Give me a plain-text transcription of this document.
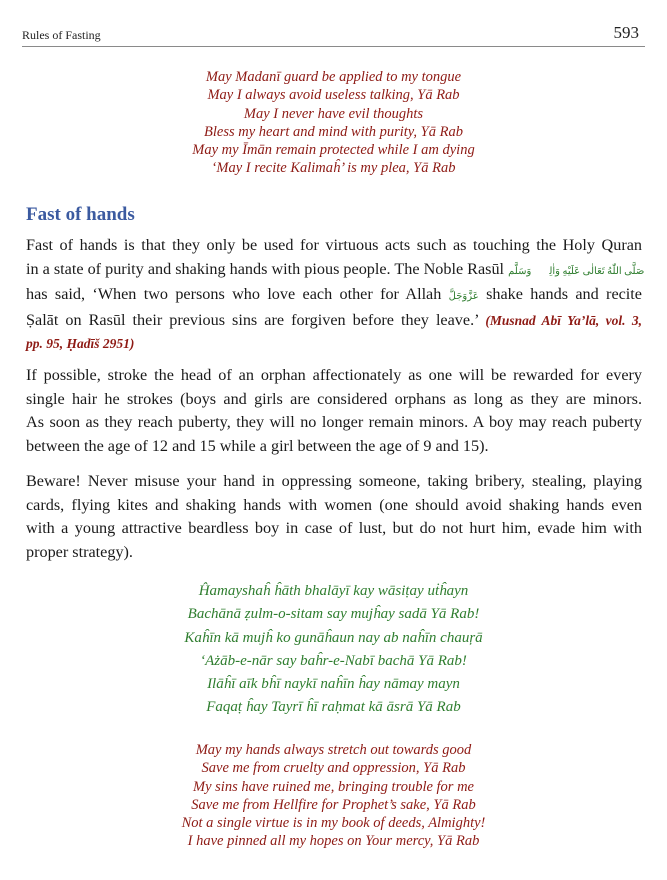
Rules of Fasting	593
May Madanī guard be applied to my tongue
May I always avoid useless talking, Yā Rab
May I never have evil thoughts
Bless my heart and mind with purity, Yā Rab
May my Īmān remain protected while I am dying
‘May I recite Kalimaĥ’ is my plea, Yā Rab
Fast of hands
Fast of hands is that they only be used for virtuous acts such as touching the Holy Quran
in a state of purity and shaking hands with pious people. The Noble Rasūl صَلَّى اللّٰهُ تَعَالٰى عَلَيْهِ وَاٰلِهٖ وَسَلَّم
has said, ‘When two persons who love each other for Allah عَزَّوَجَلَّ shake hands and recite
Ṣalāt on Rasūl their previous sins are forgiven before they leave.’ (Musnad Abī Ya’lā, vol. 3,
pp. 95, Ḥadīš 2951)
If possible, stroke the head of an orphan affectionately as one will be rewarded for every
single hair he strokes (boys and girls are considered orphans as long as they are minors.
As soon as they reach puberty, they will no longer remain minors. A boy may reach puberty
between the age of 12 and 15 while a girl between the age of 9 and 15).
Beware! Never misuse your hand in oppressing someone, taking bribery, stealing, playing
cards, flying kites and shaking hands with women (one should avoid shaking hands even
with a young attractive beardless boy in case of lust, but do not hurt him, evade him with
proper strategy).
Ĥamayshaĥ ĥāth bhalāyī kay wāsiṭay uṫĥayn
Bachānā ẓulm-o-sitam say mujĥay sadā Yā Rab!
Kaĥīn kā mujĥ ko gunāĥaun nay ab naĥīn chauŗā
‘Ażāb-e-nār say baĥr-e-Nabī bachā Yā Rab!
Ilāĥī aīk bĥī naykī naĥīn ĥay nāmay mayn
Faqaṭ ĥay Tayrī ĥī raḥmat kā āsrā Yā Rab
May my hands always stretch out towards good
Save me from cruelty and oppression, Yā Rab
My sins have ruined me, bringing trouble for me
Save me from Hellfire for Prophet’s sake, Yā Rab
Not a single virtue is in my book of deeds, Almighty!
I have pinned all my hopes on Your mercy, Yā Rab
